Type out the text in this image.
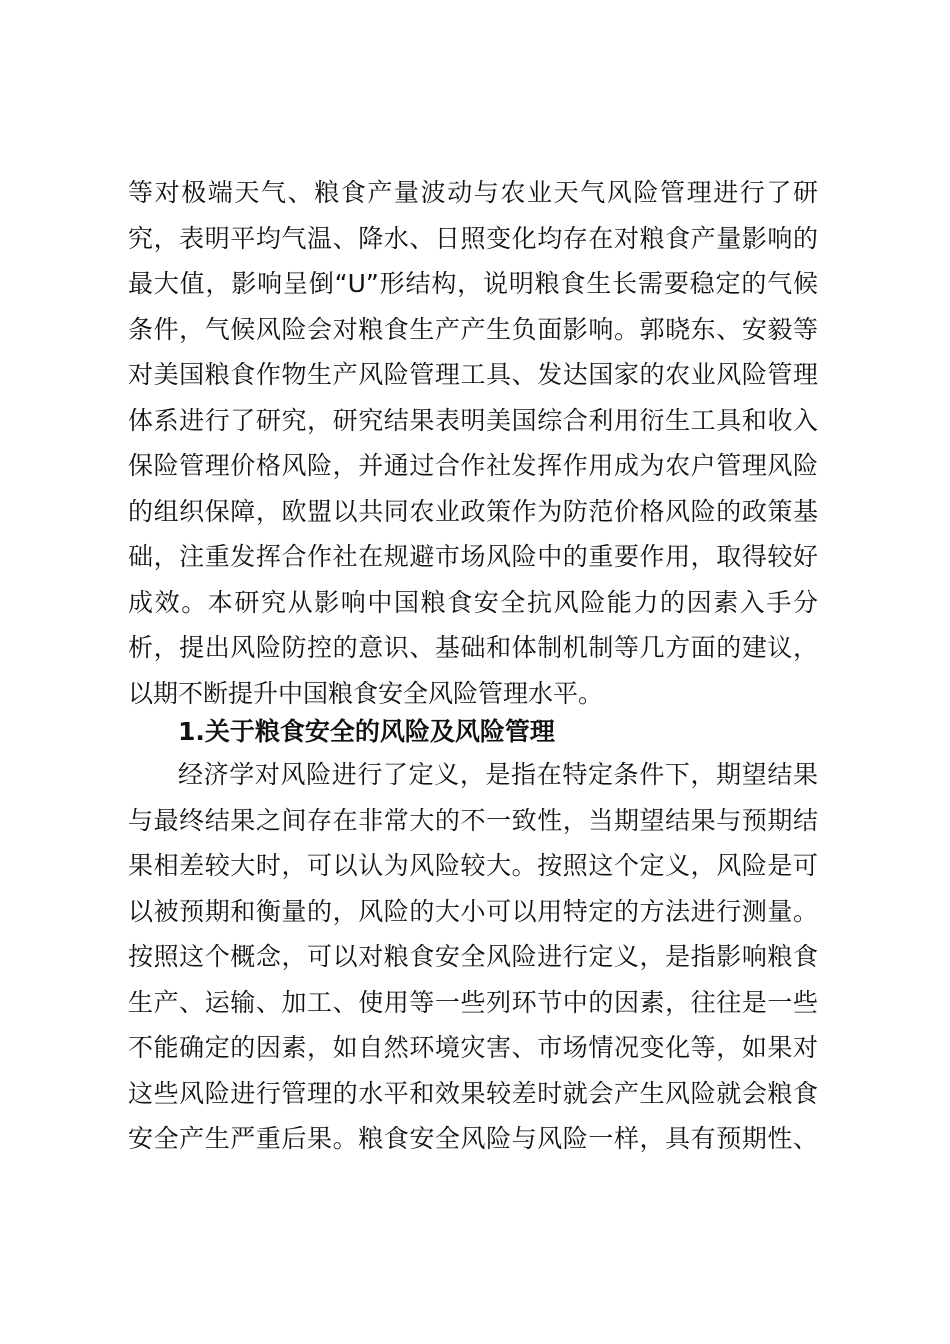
等对极端天气、粮食产量波动与农业天气风险管理进行了研
究，表明平均气温、降水、日照变化均存在对粮食产量影响的
最大值，影响呈倒“U”形结构，说明粮食生长需要稳定的气候
条件，气候风险会对粮食生产产生负面影响。郭晓东、安毅等
对美国粮食作物生产风险管理工具、发达国家的农业风险管理
体系进行了研究，研究结果表明美国综合利用衍生工具和收入
保险管理价格风险，并通过合作社发挥作用成为农户管理风险
的组织保障，欧盟以共同农业政策作为防范价格风险的政策基
础，注重发挥合作社在规避市场风险中的重要作用，取得较好
成效。本研究从影响中国粮食安全抗风险能力的因素入手分
析，提出风险防控的意识、基础和体制机制等几方面的建议，
以期不断提升中国粮食安全风险管理水平。
1.关于粮食安全的风险及风险管理
经济学对风险进行了定义，是指在特定条件下，期望结果
与最终结果之间存在非常大的不一致性，当期望结果与预期结
果相差较大时，可以认为风险较大。按照这个定义，风险是可
以被预期和衡量的，风险的大小可以用特定的方法进行测量。
按照这个概念，可以对粮食安全风险进行定义，是指影响粮食
生产、运输、加工、使用等一些列环节中的因素，往往是一些
不能确定的因素，如自然环境灾害、市场情况变化等，如果对
这些风险进行管理的水平和效果较差时就会产生风险就会粮食
安全产生严重后果。粮食安全风险与风险一样，具有预期性、
